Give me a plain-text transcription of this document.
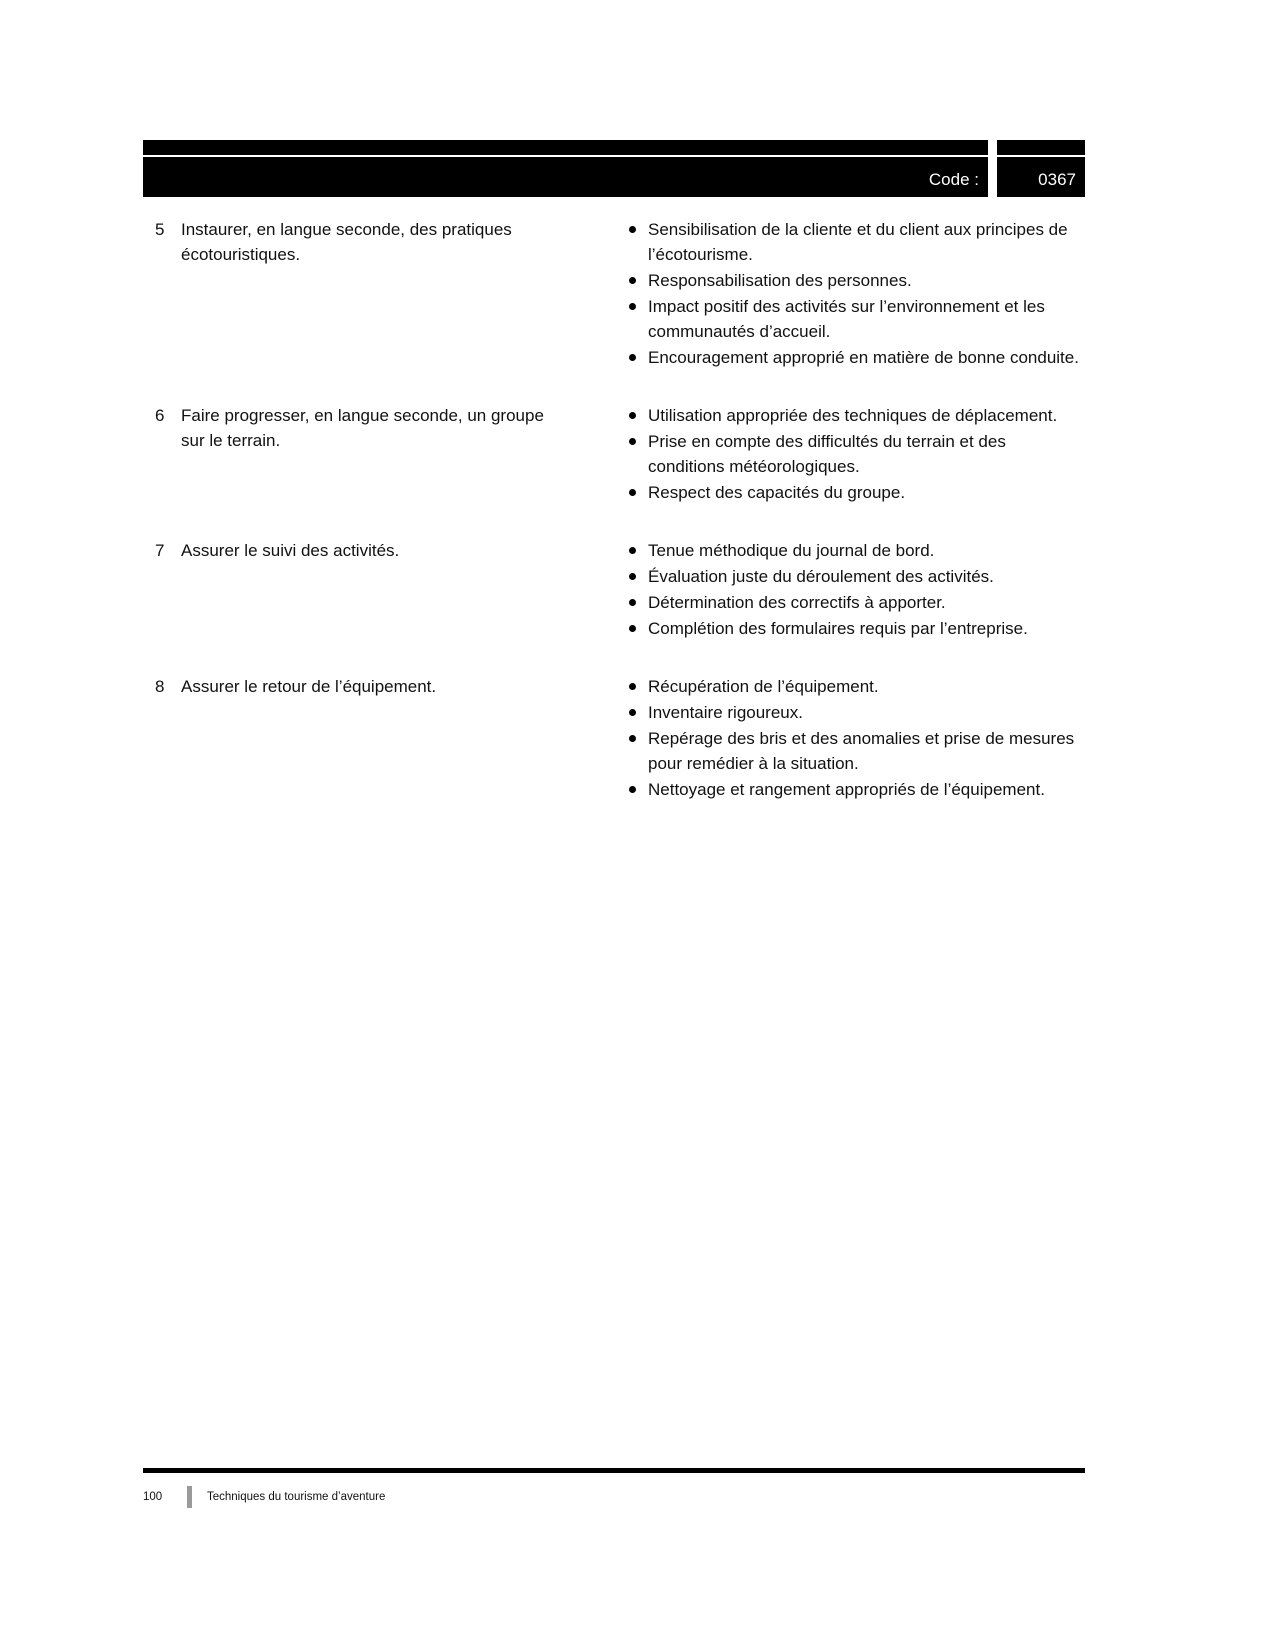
Code :	0367
5	Instaurer, en langue seconde, des pratiques écotouristiques.	
Sensibilisation de la cliente et du client aux principes de l’écotourisme.
Responsabilisation des personnes.
Impact positif des activités sur l’environnement et les communautés d’accueil.
Encouragement approprié en matière de bonne conduite.

6	Faire progresser, en langue seconde, un groupe sur le terrain.	
Utilisation appropriée des techniques de déplacement.
Prise en compte des difficultés du terrain et des conditions météorologiques.
Respect des capacités du groupe.

7	Assurer le suivi des activités.	Tenue méthodique du journal de bord.
Évaluation juste du déroulement des activités.
Détermination des correctifs à apporter.
Complétion des formulaires requis par l’entreprise.

8	Assurer le retour de l’équipement.	Récupération de l’équipement.
Inventaire rigoureux.
Repérage des bris et des anomalies et prise de mesures pour remédier à la situation.
Nettoyage et rangement appropriés de l’équipement.
100	Techniques du tourisme d’aventure
